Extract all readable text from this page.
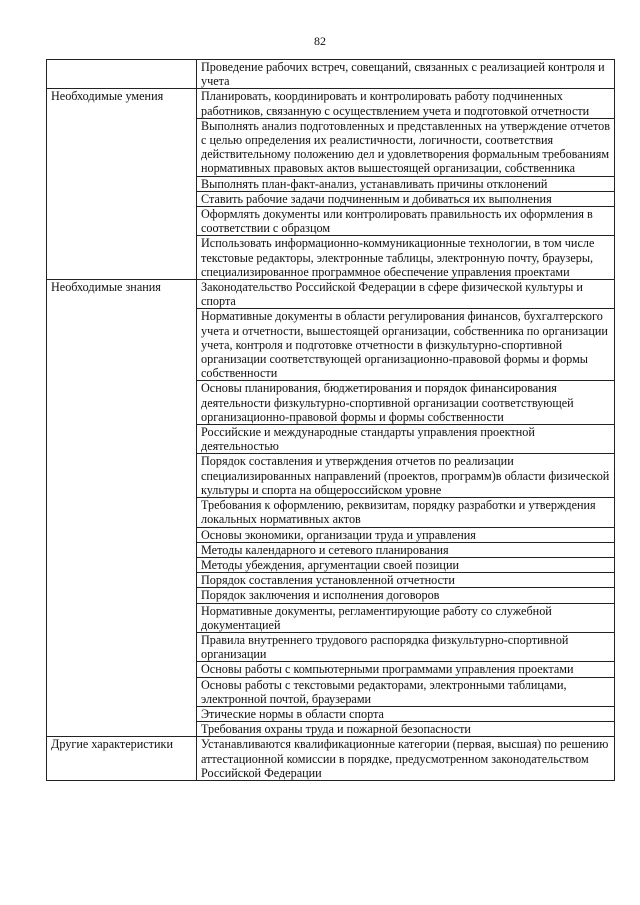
82
	Проведение рабочих встреч, совещаний, связанных с реализацией контроля и учета
Необходимые умения	Планировать, координировать и контролировать работу подчиненных работников, связанную с осуществлением учета и подготовкой отчетности
	Выполнять анализ подготовленных и представленных на утверждение отчетов с целью определения их реалистичности, логичности, соответствия действительному положению дел и удовлетворения формальным требованиям нормативных правовых актов вышестоящей организации, собственника
	Выполнять план-факт-анализ, устанавливать причины отклонений
	Ставить рабочие задачи подчиненным и добиваться их выполнения
	Оформлять документы или контролировать правильность их оформления в соответствии с образцом
	Использовать информационно-коммуникационные технологии, в том числе текстовые редакторы, электронные таблицы, электронную почту, браузеры, специализированное программное обеспечение управления проектами
Необходимые знания	Законодательство Российской Федерации в сфере физической культуры и спорта
	Нормативные документы в области регулирования финансов, бухгалтерского учета и отчетности, вышестоящей организации, собственника по организации учета, контроля и подготовке отчетности в физкультурно-спортивной организации соответствующей организационно-правовой формы и формы собственности
	Основы планирования, бюджетирования и порядок финансирования деятельности физкультурно-спортивной организации соответствующей организационно-правовой формы и формы собственности
	Российские и международные стандарты управления проектной деятельностью
	Порядок составления и утверждения отчетов по реализации специализированных направлений (проектов, программ)в области физической культуры и спорта на общероссийском уровне
	Требования к оформлению, реквизитам, порядку разработки и утверждения локальных нормативных актов
	Основы экономики, организации труда и управления
	Методы календарного и сетевого планирования
	Методы убеждения, аргументации своей позиции
	Порядок составления установленной отчетности
	Порядок заключения и исполнения договоров
	Нормативные документы, регламентирующие работу со служебной документацией
	Правила внутреннего трудового распорядка физкультурно-спортивной организации
	Основы работы с компьютерными программами управления проектами
	Основы работы с текстовыми редакторами, электронными таблицами, электронной почтой, браузерами
	Этические нормы в области спорта
	Требования охраны труда и пожарной безопасности
Другие характеристики	Устанавливаются квалификационные категории (первая, высшая) по решению аттестационной комиссии в порядке, предусмотренном законодательством Российской Федерации
